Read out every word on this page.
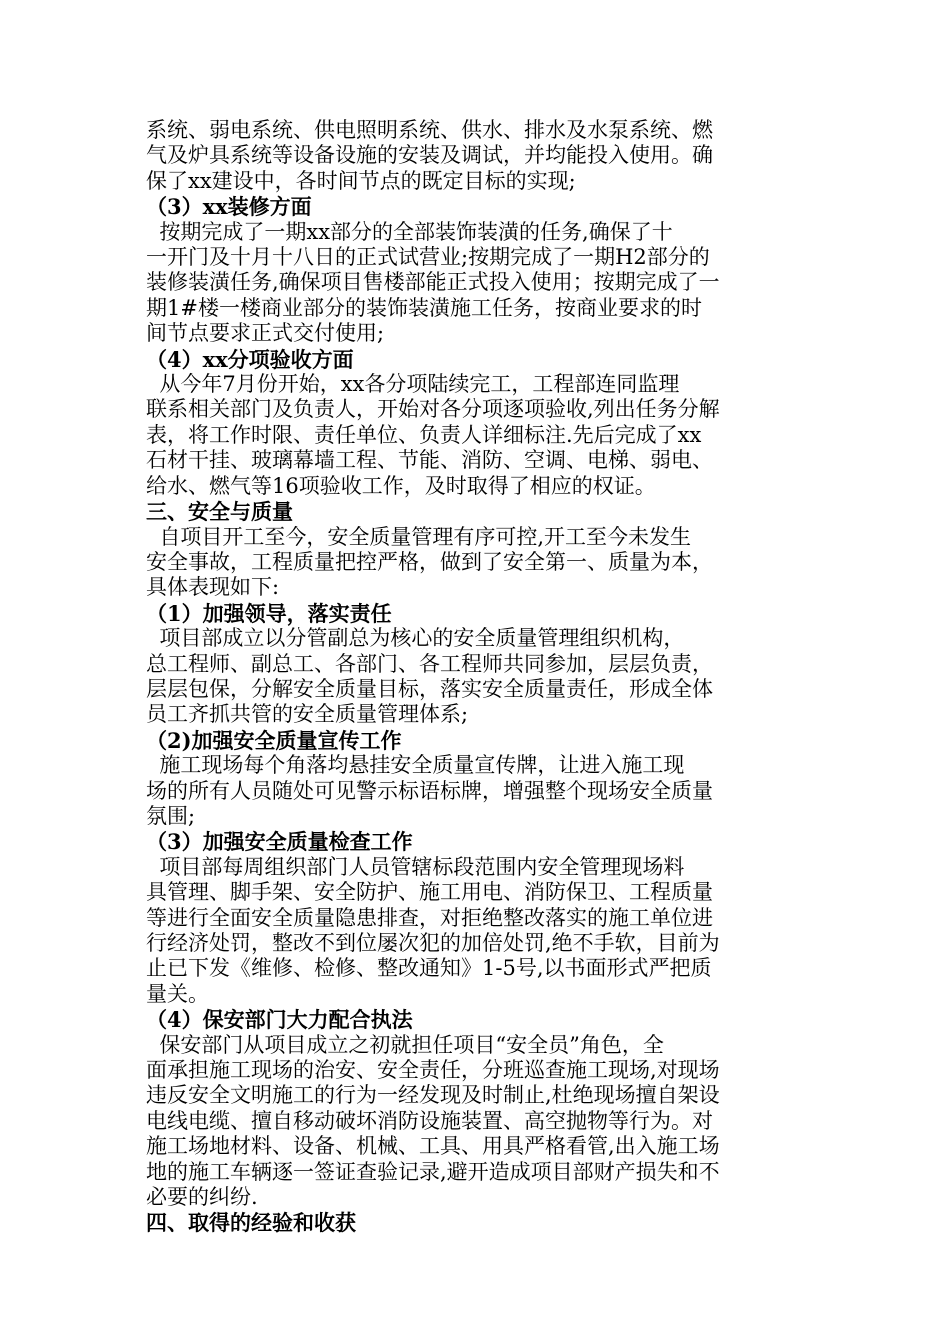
系统、弱电系统、供电照明系统、供水、排水及水泵系统、燃
气及炉具系统等设备设施的安装及调试，并均能投入使用。确
保了xx建设中，各时间节点的既定目标的实现;
（3）xx装修方面
按期完成了一期xx部分的全部装饰装潢的任务,确保了十
一开门及十月十八日的正式试营业;按期完成了一期H2部分的
装修装潢任务,确保项目售楼部能正式投入使用；按期完成了一
期1#楼一楼商业部分的装饰装潢施工任务，按商业要求的时
间节点要求正式交付使用;
（4）xx分项验收方面
从今年7月份开始，xx各分项陆续完工，工程部连同监理
联系相关部门及负责人，开始对各分项逐项验收,列出任务分解
表，将工作时限、责任单位、负责人详细标注.先后完成了xx
石材干挂、玻璃幕墙工程、节能、消防、空调、电梯、弱电、
给水、燃气等16项验收工作，及时取得了相应的权证。
三、安全与质量
自项目开工至今，安全质量管理有序可控,开工至今未发生
安全事故，工程质量把控严格，做到了安全第一、质量为本，
具体表现如下:
（1）加强领导，落实责任
项目部成立以分管副总为核心的安全质量管理组织机构，
总工程师、副总工、各部门、各工程师共同参加，层层负责，
层层包保，分解安全质量目标，落实安全质量责任，形成全体
员工齐抓共管的安全质量管理体系;
（2)加强安全质量宣传工作
施工现场每个角落均悬挂安全质量宣传牌，让进入施工现
场的所有人员随处可见警示标语标牌，增强整个现场安全质量
氛围;
（3）加强安全质量检查工作
项目部每周组织部门人员管辖标段范围内安全管理现场料
具管理、脚手架、安全防护、施工用电、消防保卫、工程质量
等进行全面安全质量隐患排查，对拒绝整改落实的施工单位进
行经济处罚，整改不到位屡次犯的加倍处罚,绝不手软，目前为
止已下发《维修、检修、整改通知》1-5号,以书面形式严把质
量关。
（4）保安部门大力配合执法
保安部门从项目成立之初就担任项目“安全员”角色，全
面承担施工现场的治安、安全责任，分班巡查施工现场,对现场
违反安全文明施工的行为一经发现及时制止,杜绝现场擅自架设
电线电缆、擅自移动破坏消防设施装置、高空抛物等行为。对
施工场地材料、设备、机械、工具、用具严格看管,出入施工场
地的施工车辆逐一签证查验记录,避开造成项目部财产损失和不
必要的纠纷.
四、取得的经验和收获
